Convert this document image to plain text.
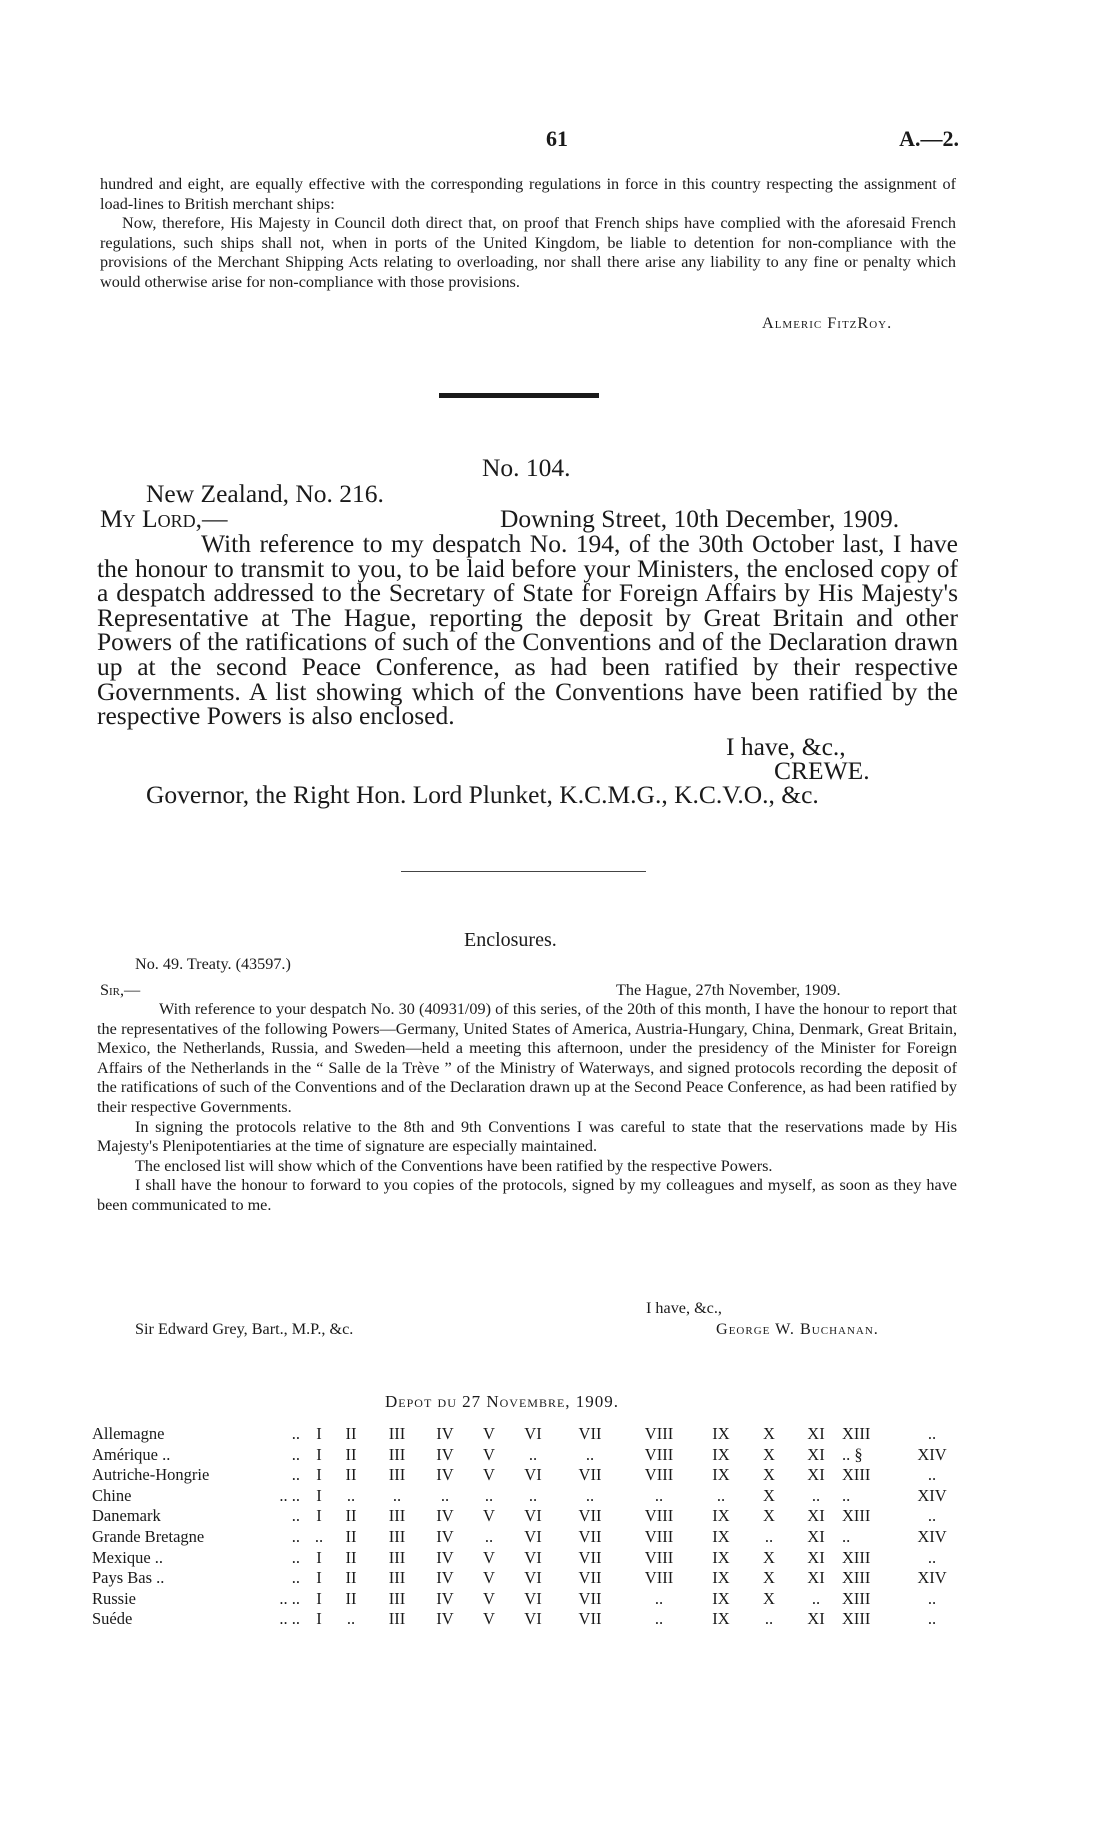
61	A.—2.

hundred and eight, are equally effective with the corresponding regulations in force in this country respecting the assignment of load-lines to British merchant ships:

Now, therefore, His Majesty in Council doth direct that, on proof that French ships have complied with the aforesaid French regulations, such ships shall not, when in ports of the United Kingdom, be liable to detention for non-compliance with the provisions of the Merchant Shipping Acts relating to overloading, nor shall there arise any liability to any fine or penalty which would otherwise arise for non-compliance with those provisions.

Almeric FitzRoy.
No. 104.
New Zealand, No. 216.
My Lord,—	Downing Street, 10th December, 1909.

With reference to my despatch No. 194, of the 30th October last, I have the honour to transmit to you, to be laid before your Ministers, the enclosed copy of a despatch addressed to the Secretary of State for Foreign Affairs by His Majesty's Representative at The Hague, reporting the deposit by Great Britain and other Powers of the ratifications of such of the Conventions and of the Declaration drawn up at the second Peace Conference, as had been ratified by their respective Governments. A list showing which of the Conventions have been ratified by the respective Powers is also enclosed.

I have, &c.,
CREWE.
Governor, the Right Hon. Lord Plunket, K.C.M.G., K.C.V.O., &c.
Enclosures.
No. 49. Treaty. (43597.)
Sir,—	The Hague, 27th November, 1909.

With reference to your despatch No. 30 (40931/09) of this series, of the 20th of this month, I have the honour to report that the representatives of the following Powers—Germany, United States of America, Austria-Hungary, China, Denmark, Great Britain, Mexico, the Netherlands, Russia, and Sweden—held a meeting this afternoon, under the presidency of the Minister for Foreign Affairs of the Netherlands in the “ Salle de la Trève ” of the Ministry of Waterways, and signed protocols recording the deposit of the ratifications of such of the Conventions and of the Declaration drawn up at the Second Peace Conference, as had been ratified by their respective Governments.

In signing the protocols relative to the 8th and 9th Conventions I was careful to state that the reservations made by His Majesty's Plenipotentiaries at the time of signature are especially maintained.

The enclosed list will show which of the Conventions have been ratified by the respective Powers.

I shall have the honour to forward to you copies of the protocols, signed by my colleagues and myself, as soon as they have been communicated to me.

I have, &c.,
Sir Edward Grey, Bart., M.P., &c.	George W. Buchanan.
Depot du 27 Novembre, 1909.
Allemagne	..	I	II	III	IV	V	VI	VII	VIII	IX	X	XI	XIII	..
Amérique ..	..	I	II	III	IV	V	..	..	VIII	IX	X	XI	.. §	XIV
Autriche-Hongrie	..	I	II	III	IV	V	VI	VII	VIII	IX	X	XI	XIII	..
Chine	.. ..	I	..	..	..	..	..	..	..	..	X	..	..	XIV
Danemark	..	I	II	III	IV	V	VI	VII	VIII	IX	X	XI	XIII	..
Grande Bretagne	..	..	II	III	IV	..	VI	VII	VIII	IX	..	XI	..	XIV
Mexique ..	..	I	II	III	IV	V	VI	VII	VIII	IX	X	XI	XIII	..
Pays Bas ..	..	I	II	III	IV	V	VI	VII	VIII	IX	X	XI	XIII	XIV
Russie	.. ..	I	II	III	IV	V	VI	VII	..	IX	X	..	XIII	..
Suéde	.. ..	I	..	III	IV	V	VI	VII	..	IX	..	XI	XIII	..
